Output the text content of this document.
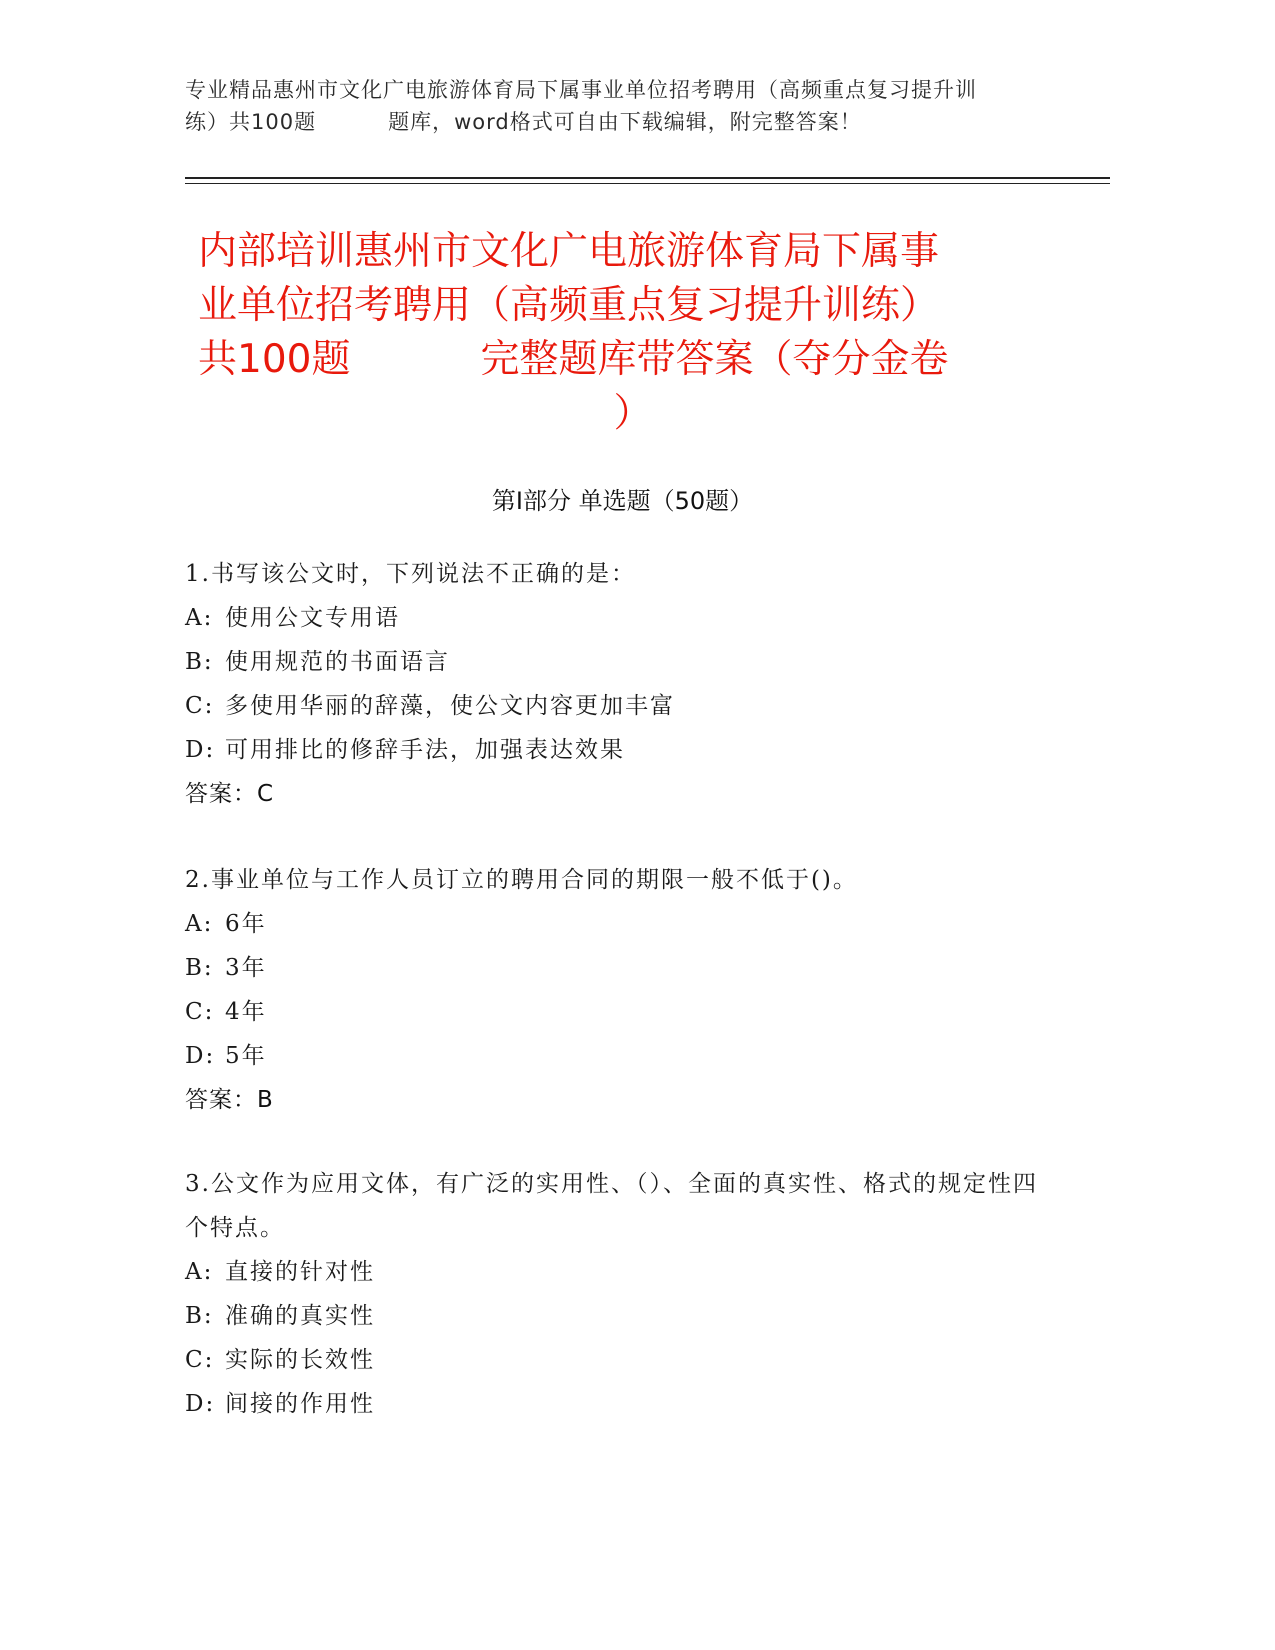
专业精品惠州市文化广电旅游体育局下属事业单位招考聘用（高频重点复习提升训
练）共100题	题库，word格式可自由下载编辑，附完整答案！
内部培训惠州市文化广电旅游体育局下属事
业单位招考聘用（高频重点复习提升训练）
共100题	完整题库带答案（夺分金卷
）
第Ⅰ部分 单选题（50题）
1.书写该公文时，下列说法不正确的是：
A: 使用公文专用语
B: 使用规范的书面语言
C: 多使用华丽的辞藻，使公文内容更加丰富
D: 可用排比的修辞手法，加强表达效果
答案：C
2.事业单位与工作人员订立的聘用合同的期限一般不低于()。
A: 6年
B: 3年
C: 4年
D: 5年
答案：B
3.公文作为应用文体，有广泛的实用性、（）、全面的真实性、格式的规定性四个特点。
A: 直接的针对性
B: 准确的真实性
C: 实际的长效性
D: 间接的作用性
